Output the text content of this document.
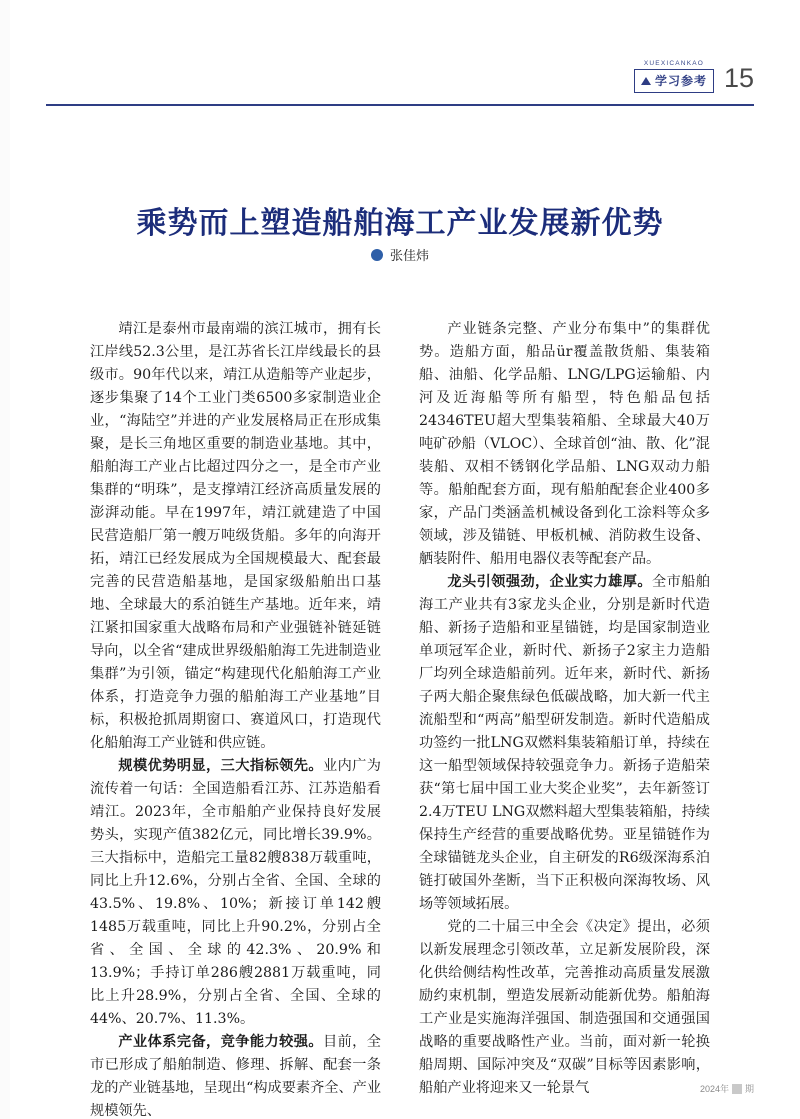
XUEXICANKAO
学习参考 15
乘势而上塑造船舶海工产业发展新优势
张佳炜

靖江是泰州市最南端的滨江城市，拥有长江岸线52.3公里，是江苏省长江岸线最长的县级市。90年代以来，靖江从造船等产业起步，逐步集聚了14个工业门类6500多家制造业企业，“海陆空”并进的产业发展格局正在形成集聚，是长三角地区重要的制造业基地。其中，船舶海工产业占比超过四分之一，是全市产业集群的“明珠”，是支撑靖江经济高质量发展的澎湃动能。早在1997年，靖江就建造了中国民营造船厂第一艘万吨级货船。多年的向海开拓，靖江已经发展成为全国规模最大、配套最完善的民营造船基地，是国家级船舶出口基地、全球最大的系泊链生产基地。近年来，靖江紧扣国家重大战略布局和产业强链补链延链导向，以全省“建成世界级船舶海工先进制造业集群”为引领，锚定“构建现代化船舶海工产业体系，打造竞争力强的船舶海工产业基地”目标，积极抢抓周期窗口、赛道风口，打造现代化船舶海工产业链和供应链。

规模优势明显，三大指标领先。业内广为流传着一句话：全国造船看江苏、江苏造船看靖江。2023年，全市船舶产业保持良好发展势头，实现产值382亿元，同比增长39.9%。三大指标中，造船完工量82艘838万载重吨，同比上升12.6%，分别占全省、全国、全球的43.5%、19.8%、10%；新接订单142艘1485万载重吨，同比上升90.2%，分别占全省、全国、全球的42.3%、20.9%和13.9%；手持订单286艘2881万载重吨，同比上升28.9%，分别占全省、全国、全球的44%、20.7%、11.3%。

产业体系完备，竞争能力较强。目前，全市已形成了船舶制造、修理、拆解、配套一条龙的产业链基地，呈现出“构成要素齐全、产业规模领先、

产业链条完整、产业分布集中”的集群优势。造船方面，船品ür覆盖散货船、集装箱船、油船、化学品船、LNG/LPG运输船、内河及近海船等所有船型，特色船品包括24346TEU超大型集装箱船、全球最大40万吨矿砂船（VLOC）、全球首创“油、散、化”混装船、双相不锈钢化学品船、LNG双动力船等。船舶配套方面，现有船舶配套企业400多家，产品门类涵盖机械设备到化工涂料等众多领域，涉及锚链、甲板机械、消防救生设备、舾装附件、船用电器仪表等配套产品。

龙头引领强劲，企业实力雄厚。全市船舶海工产业共有3家龙头企业，分别是新时代造船、新扬子造船和亚星锚链，均是国家制造业单项冠军企业，新时代、新扬子2家主力造船厂均列全球造船前列。近年来，新时代、新扬子两大船企聚焦绿色低碳战略，加大新一代主流船型和“两高”船型研发制造。新时代造船成功签约一批LNG双燃料集装箱船订单，持续在这一船型领域保持较强竞争力。新扬子造船荣获“第七届中国工业大奖企业奖”，去年新签订2.4万TEU LNG双燃料超大型集装箱船，持续保持生产经营的重要战略优势。亚星锚链作为全球锚链龙头企业，自主研发的R6级深海系泊链打破国外垄断，当下正积极向深海牧场、风场等领域拓展。

党的二十届三中全会《决定》提出，必须以新发展理念引领改革，立足新发展阶段，深化供给侧结构性改革，完善推动高质量发展激励约束机制，塑造发展新动能新优势。船舶海工产业是实施海洋强国、制造强国和交通强国战略的重要战略性产业。当前，面对新一轮换船周期、国际冲突及“双碳”目标等因素影响，船舶产业将迎来又一轮景气	2024年 期
